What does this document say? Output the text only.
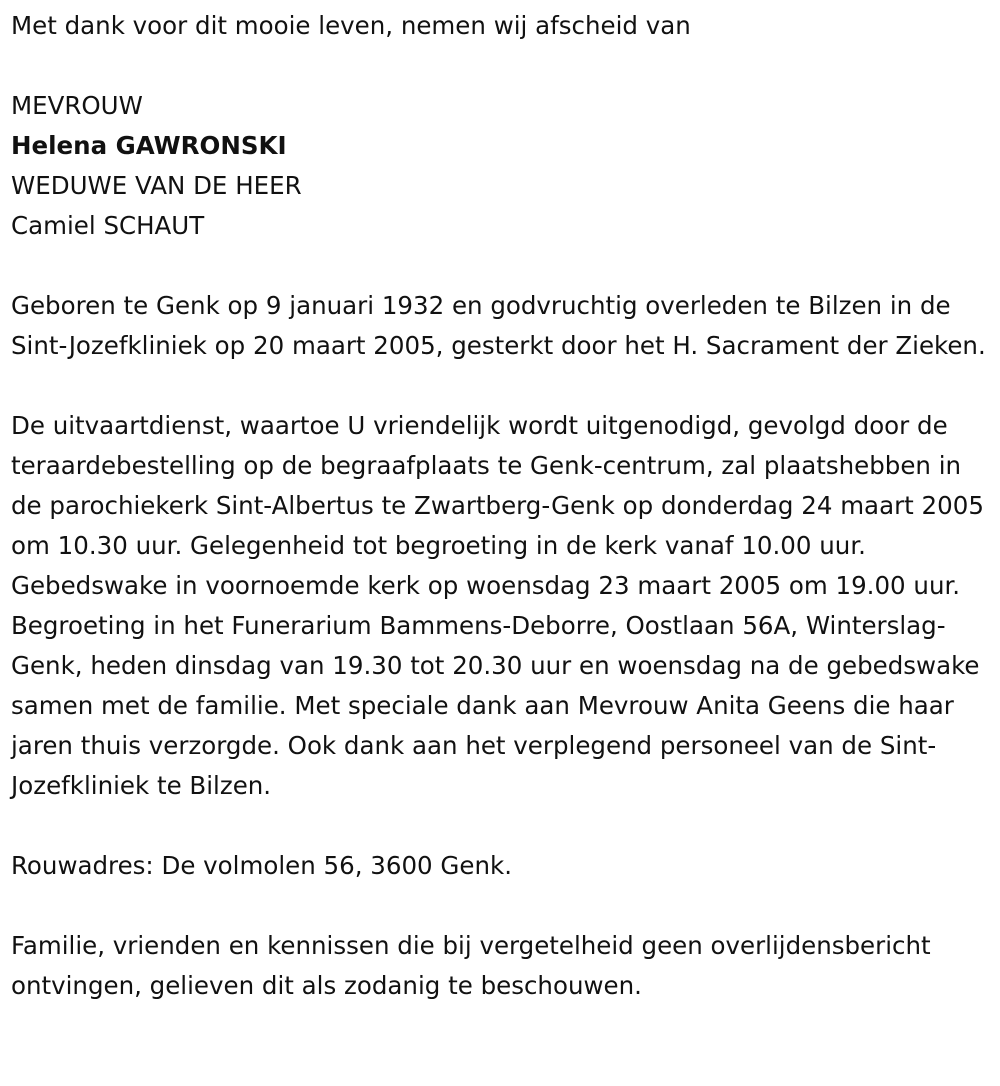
Met dank voor dit mooie leven, nemen wij afscheid van

MEVROUW
Helena GAWRONSKI
WEDUWE VAN DE HEER
Camiel SCHAUT

Geboren te Genk op 9 januari 1932 en godvruchtig overleden te Bilzen in de Sint-Jozefkliniek op 20 maart 2005, gesterkt door het H. Sacrament der Zieken.

De uitvaartdienst, waartoe U vriendelijk wordt uitgenodigd, gevolgd door de teraardebestelling op de begraafplaats te Genk-centrum, zal plaatshebben in de parochiekerk Sint-Albertus te Zwartberg-Genk op donderdag 24 maart 2005 om 10.30 uur. Gelegenheid tot begroeting in de kerk vanaf 10.00 uur. Gebedswake in voornoemde kerk op woensdag 23 maart 2005 om 19.00 uur. Begroeting in het Funerarium Bammens-Deborre, Oostlaan 56A, Winterslag-Genk, heden dinsdag van 19.30 tot 20.30 uur en woensdag na de gebedswake samen met de familie. Met speciale dank aan Mevrouw Anita Geens die haar jaren thuis verzorgde. Ook dank aan het verplegend personeel van de Sint-Jozefkliniek te Bilzen.

Rouwadres: De volmolen 56, 3600 Genk.

Familie, vrienden en kennissen die bij vergetelheid geen overlijdensbericht ontvingen, gelieven dit als zodanig te beschouwen.
